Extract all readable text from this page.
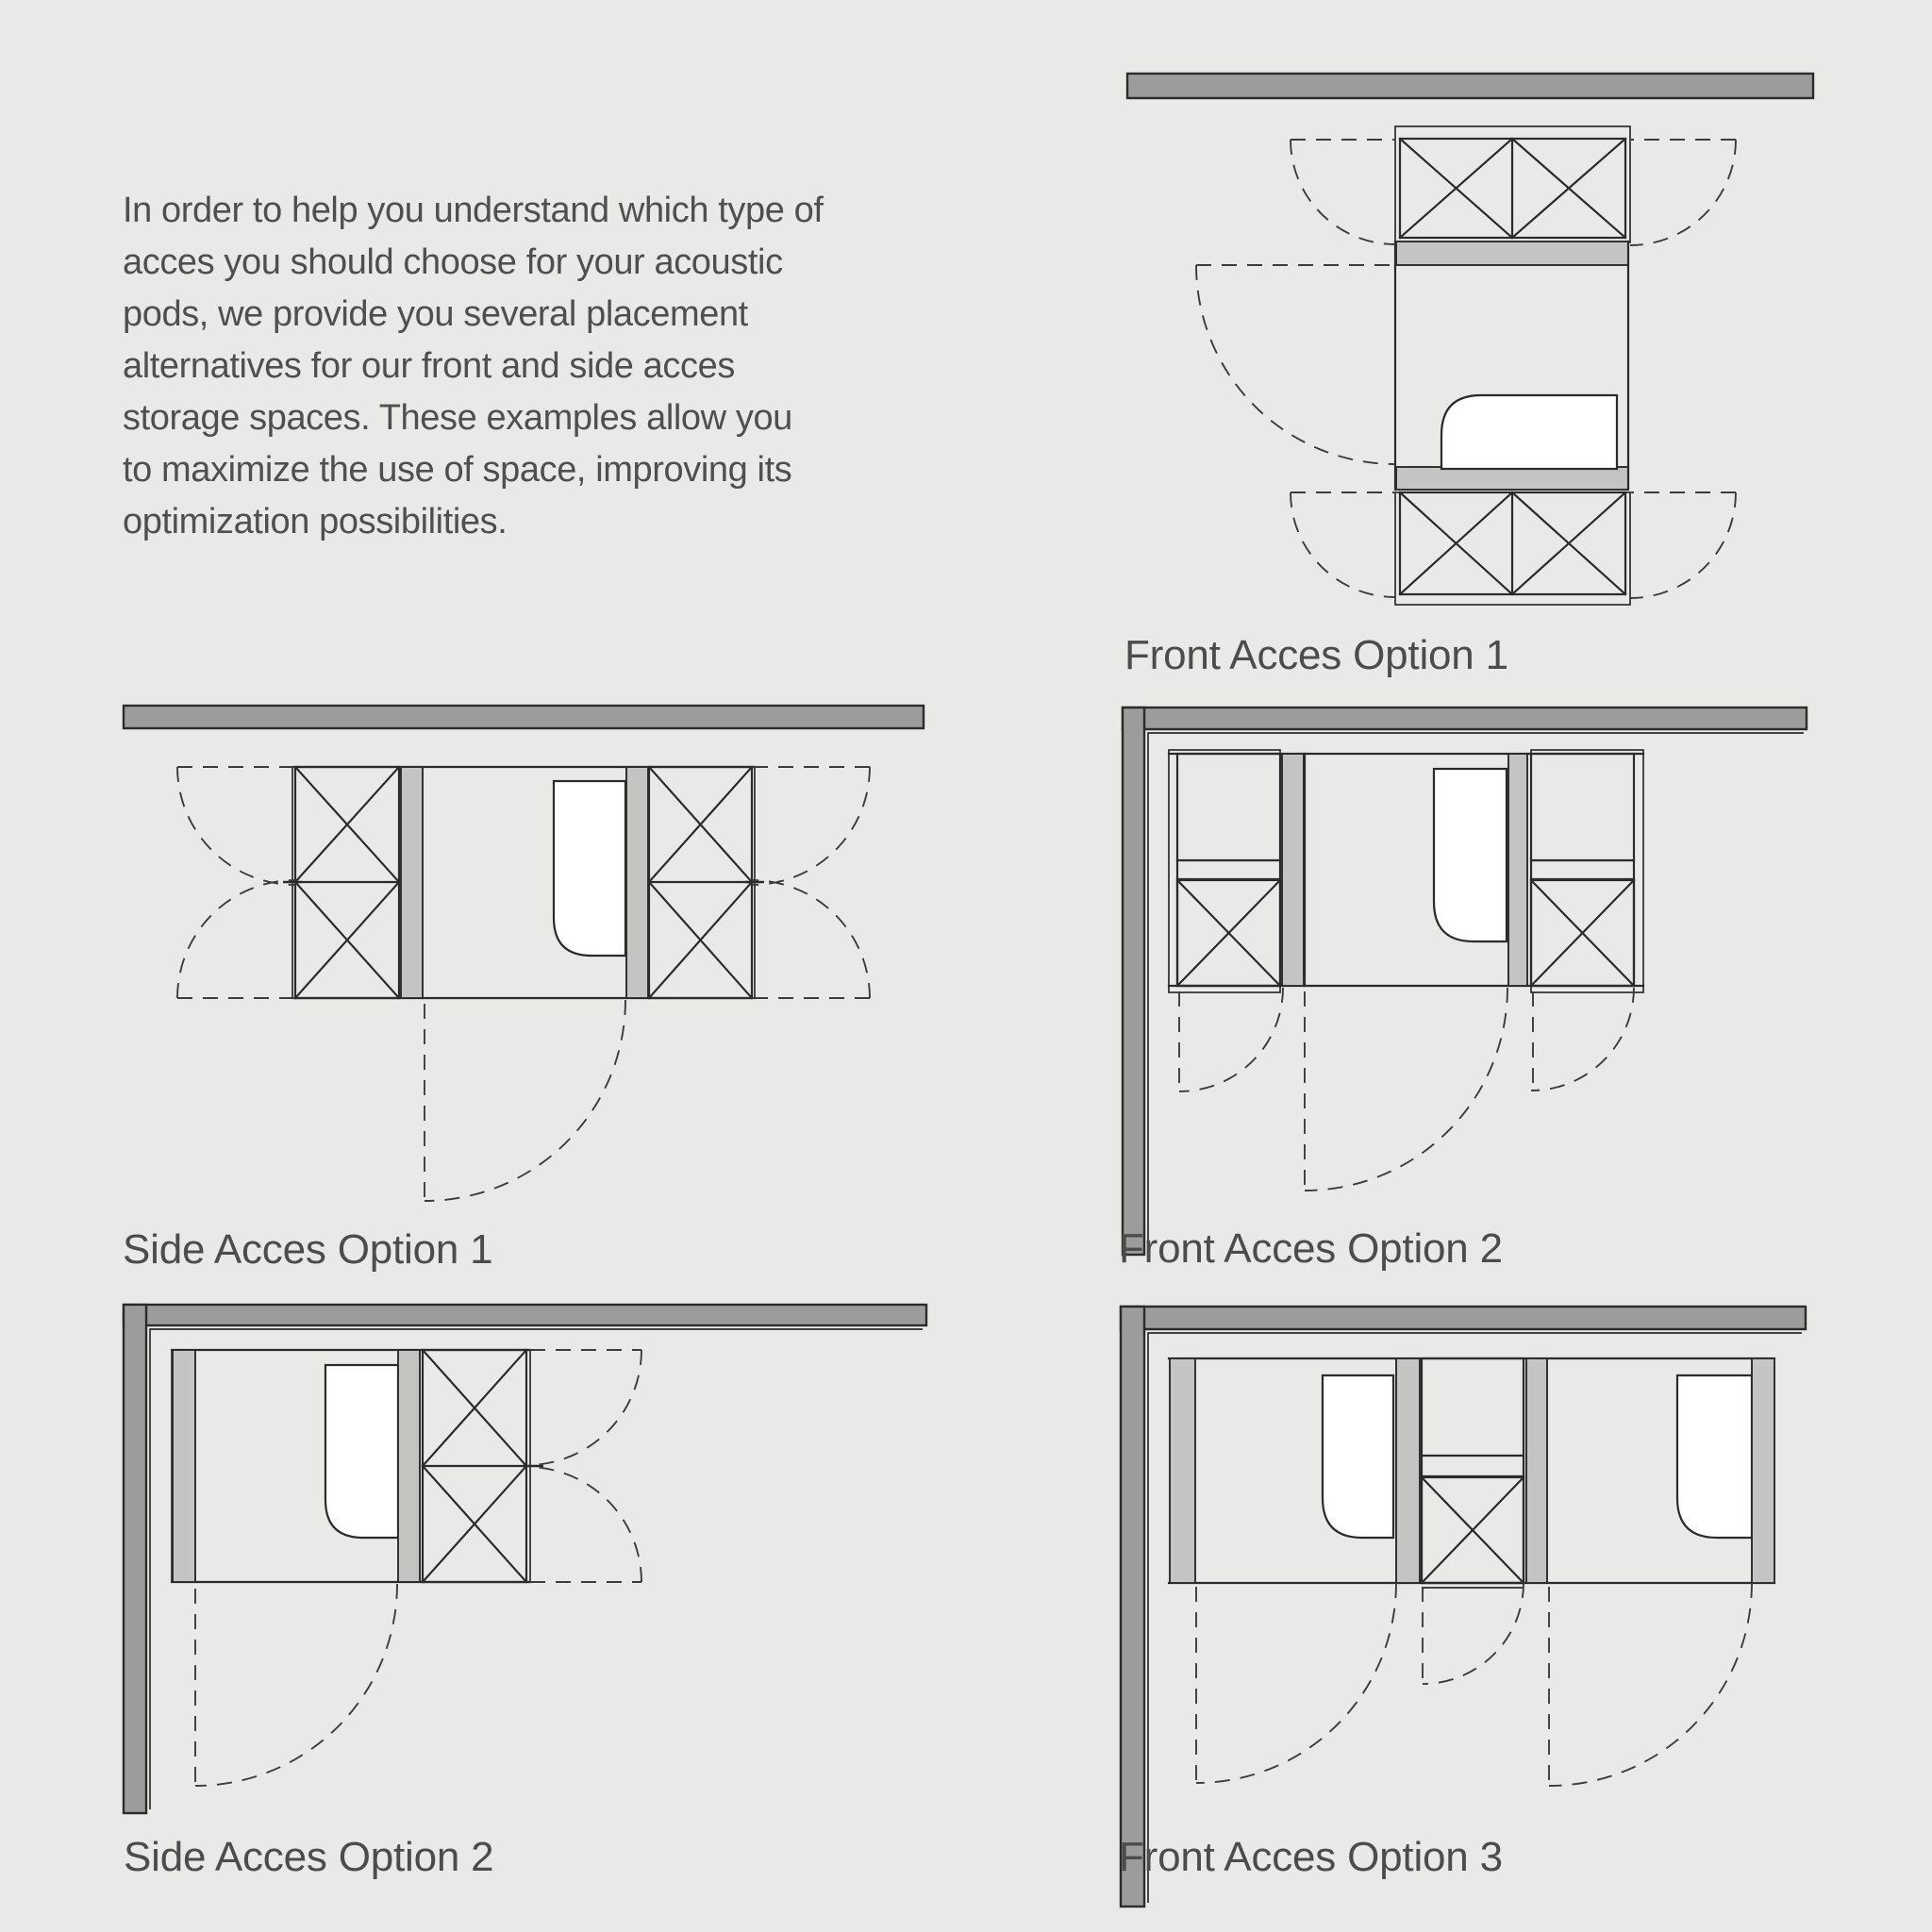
In order to help you understand which type of
acces you should choose for your acoustic
pods, we provide you several placement
alternatives for our front and side acces
storage spaces. These examples allow you
to maximize the use of space, improving its
optimization possibilities.
Front Acces Option 1
Side Acces Option 1	Front Acces Option 2
Side Acces Option 2	Front Acces Option 3
